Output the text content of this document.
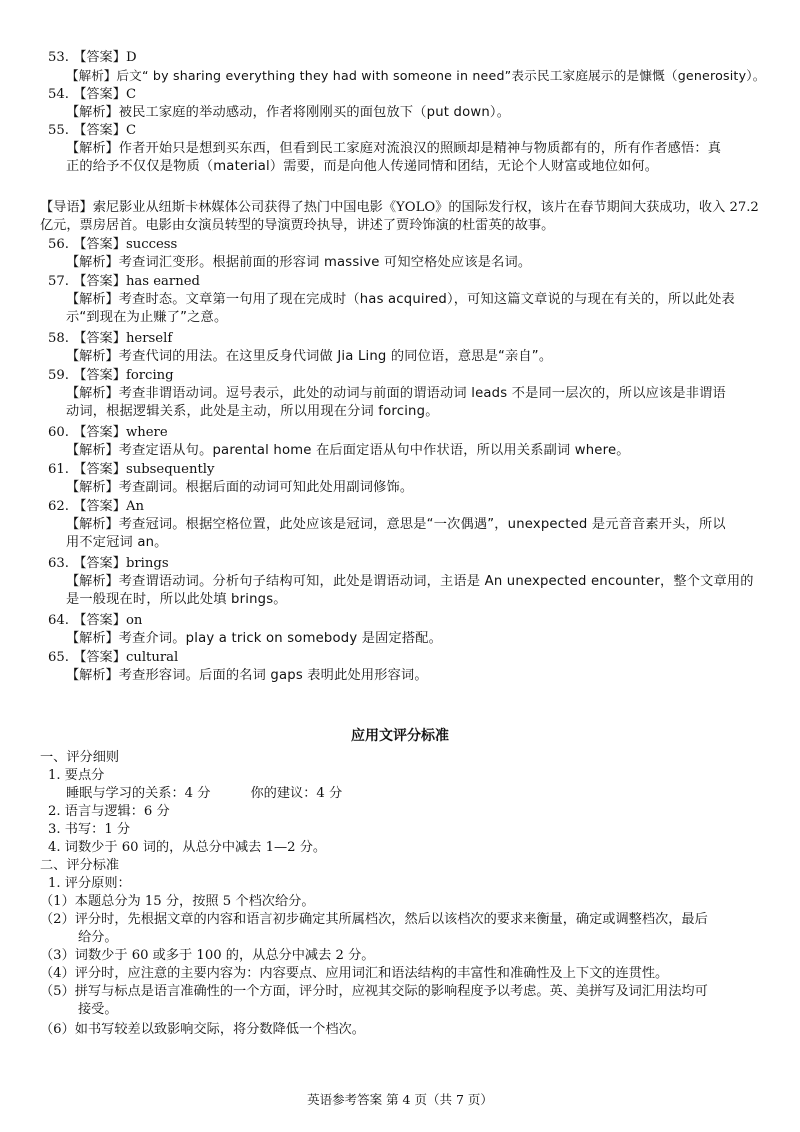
53. 【答案】D
【解析】后文“ by sharing everything they had with someone in need”表示民工家庭展示的是慷慨（generosity）。
54. 【答案】C
【解析】被民工家庭的举动感动，作者将刚刚买的面包放下（put down）。
55. 【答案】C
【解析】作者开始只是想到买东西，但看到民工家庭对流浪汉的照顾却是精神与物质都有的，所有作者感悟：真
正的给予不仅仅是物质（material）需要，而是向他人传递同情和团结，无论个人财富或地位如何。
【导语】索尼影业从纽斯卡林媒体公司获得了热门中国电影《YOLO》的国际发行权，该片在春节期间大获成功，收入 27.2
亿元，票房居首。电影由女演员转型的导演贾玲执导，讲述了贾玲饰演的杜雷英的故事。
56. 【答案】success
【解析】考查词汇变形。根据前面的形容词 massive 可知空格处应该是名词。
57. 【答案】has earned
【解析】考查时态。文章第一句用了现在完成时（has acquired），可知这篇文章说的与现在有关的，所以此处表
示“到现在为止赚了”之意。
58. 【答案】herself
【解析】考查代词的用法。在这里反身代词做 Jia Ling 的同位语，意思是“亲自”。
59. 【答案】forcing
【解析】考查非谓语动词。逗号表示，此处的动词与前面的谓语动词 leads 不是同一层次的，所以应该是非谓语
动词，根据逻辑关系，此处是主动，所以用现在分词 forcing。
60. 【答案】where
【解析】考查定语从句。parental home 在后面定语从句中作状语，所以用关系副词 where。
61. 【答案】subsequently
【解析】考查副词。根据后面的动词可知此处用副词修饰。
62. 【答案】An
【解析】考查冠词。根据空格位置，此处应该是冠词，意思是“一次偶遇”，unexpected 是元音音素开头，所以
用不定冠词 an。
63. 【答案】brings
【解析】考查谓语动词。分析句子结构可知，此处是谓语动词，主语是 An unexpected encounter，整个文章用的
是一般现在时，所以此处填 brings。
64. 【答案】on
【解析】考查介词。play a trick on somebody 是固定搭配。
65. 【答案】cultural
【解析】考查形容词。后面的名词 gaps 表明此处用形容词。
应用文评分标准
一、评分细则
1. 要点分
睡眠与学习的关系：4 分	你的建议：4 分
2. 语言与逻辑：6 分
3. 书写：1 分
4. 词数少于 60 词的，从总分中减去 1—2 分。
二、评分标准
1. 评分原则：
（1）本题总分为 15 分，按照 5 个档次给分。
（2）评分时，先根据文章的内容和语言初步确定其所属档次，然后以该档次的要求来衡量，确定或调整档次，最后
给分。
（3）词数少于 60 或多于 100 的，从总分中减去 2 分。
（4）评分时，应注意的主要内容为：内容要点、应用词汇和语法结构的丰富性和准确性及上下文的连贯性。
（5）拼写与标点是语言准确性的一个方面，评分时，应视其交际的影响程度予以考虑。英、美拼写及词汇用法均可
接受。
（6）如书写较差以致影响交际，将分数降低一个档次。
英语参考答案 第 4 页（共 7 页）
